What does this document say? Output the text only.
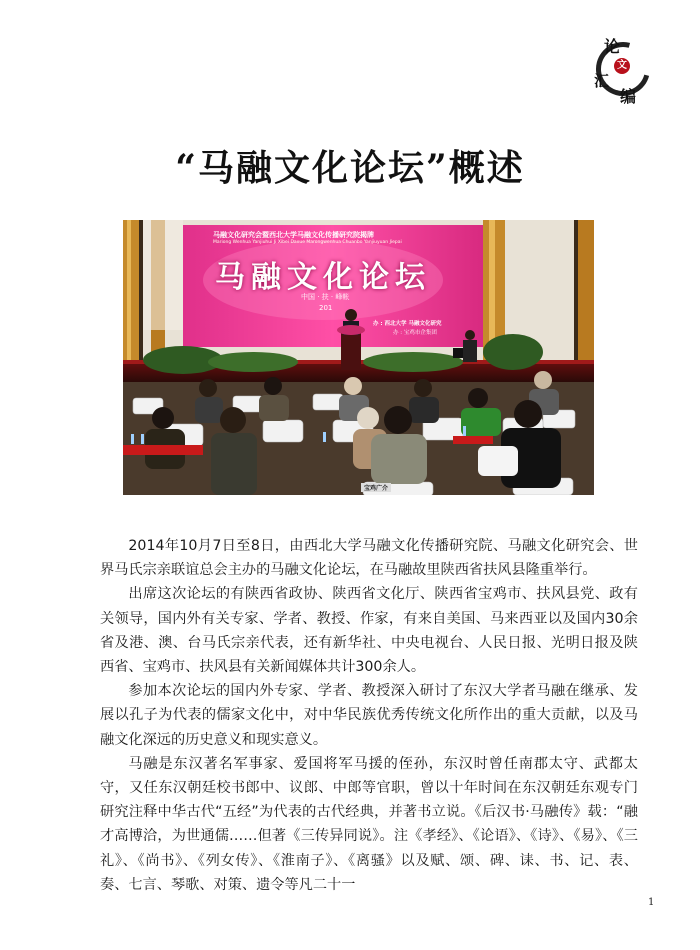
论
文
汇
编
“马融文化论坛”概述
马融文化研究会暨西北大学马融文化传播研究院揭牌
Mariong Wenhua Yanjiuhui Ji Xibei Daxue Marongwenhua Chuanbo Yanjiuyuan Jiepai
马融文化论坛
中国 · 扶 · 峰帐
201
办 : 西北大学 马融文化研究
办 : 宝鸡市企集团
宝鸡广介

2014年10月7日至8日，由西北大学马融文化传播研究院、马融文化研究会、世界马氏宗亲联谊总会主办的马融文化论坛，在马融故里陕西省扶风县隆重举行。

出席这次论坛的有陕西省政协、陕西省文化厅、陕西省宝鸡市、扶风县党、政有关领导，国内外有关专家、学者、教授、作家，有来自美国、马来西亚以及国内30余省及港、澳、台马氏宗亲代表，还有新华社、中央电视台、人民日报、光明日报及陕西省、宝鸡市、扶风县有关新闻媒体共计300余人。

参加本次论坛的国内外专家、学者、教授深入研讨了东汉大学者马融在继承、发展以孔子为代表的儒家文化中，对中华民族优秀传统文化所作出的重大贡献，以及马融文化深远的历史意义和现实意义。

马融是东汉著名军事家、爱国将军马援的侄孙，东汉时曾任南郡太守、武都太守，又任东汉朝廷校书郎中、议郎、中郎等官职，曾以十年时间在东汉朝廷东观专门研究注释中华古代“五经”为代表的古代经典，并著书立说。《后汉书·马融传》载：“融才高博洽，为世通儒……但著《三传异同说》。注《孝经》、《论语》、《诗》、《易》、《三礼》、《尚书》、《列女传》、《淮南子》、《离骚》以及赋、颂、碑、诔、书、记、表、奏、七言、琴歌、对策、遗令等凡二十一

1
